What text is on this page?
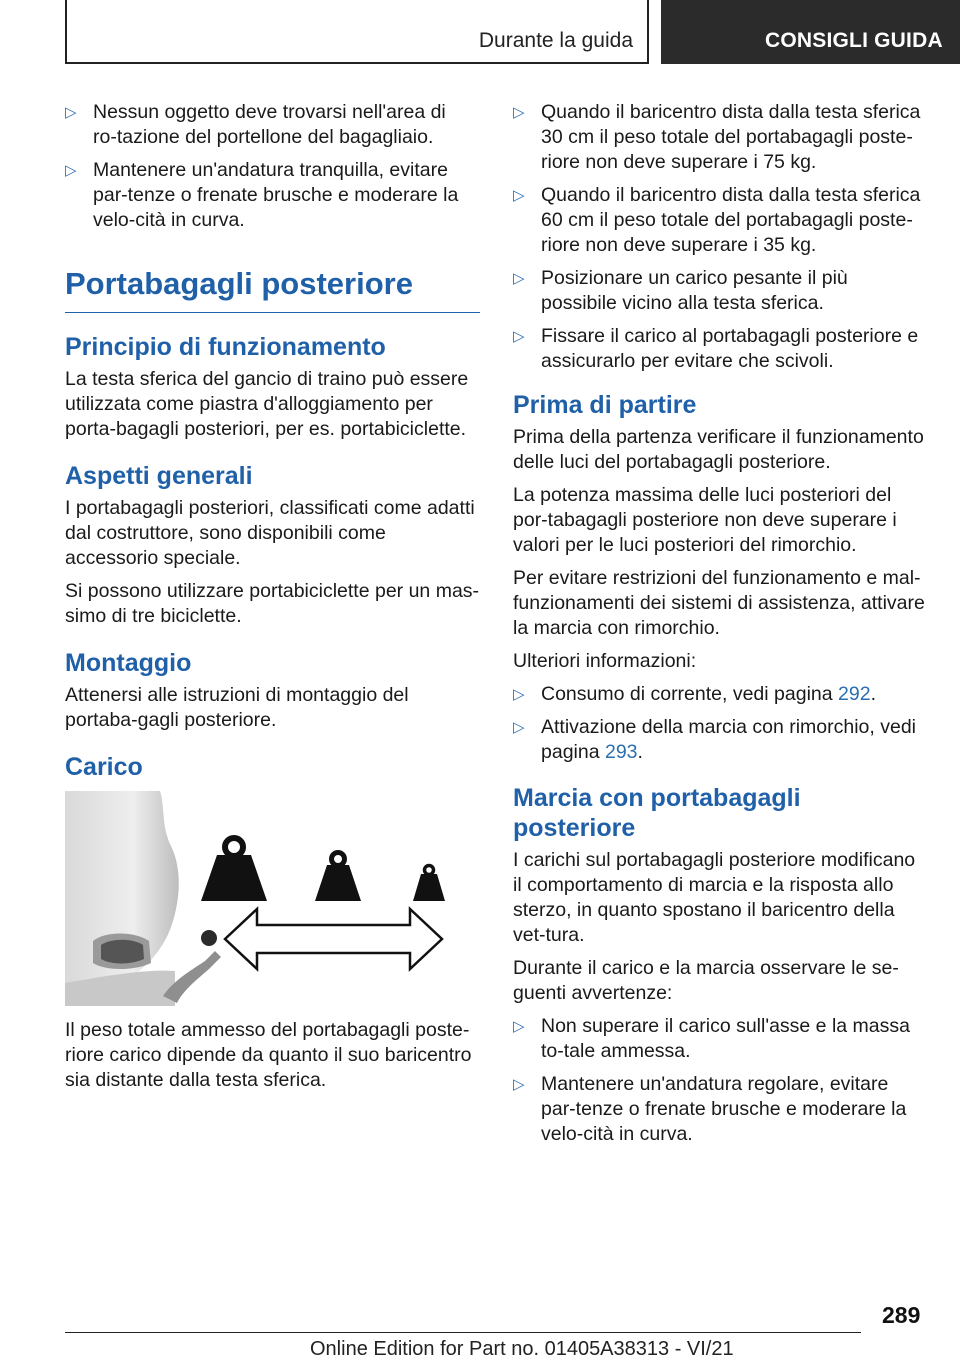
Durante la guida	CONSIGLI GUIDA
▷ Nessun oggetto deve trovarsi nell'area di ro-tazione del portellone del bagagliaio.
▷ Mantenere un'andatura tranquilla, evitare par-tenze o frenate brusche e moderare la velo-cità in curva.
Portabagagli posteriore
Principio di funzionamento

La testa sferica del gancio di traino può essere utilizzata come piastra d'alloggiamento per porta-bagagli posteriori, per es. portabiciclette.

Aspetti generali

I portabagagli posteriori, classificati come adatti dal costruttore, sono disponibili come accessorio speciale.

Si possono utilizzare portabiciclette per un mas-simo di tre biciclette.

Montaggio

Attenersi alle istruzioni di montaggio del portaba-gagli posteriore.

Carico

Il peso totale ammesso del portabagagli poste-riore carico dipende da quanto il suo baricentro sia distante dalla testa sferica.

▷ Quando il baricentro dista dalla testa sferica 30 cm il peso totale del portabagagli poste-riore non deve superare i 75 kg.
▷ Quando il baricentro dista dalla testa sferica 60 cm il peso totale del portabagagli poste-riore non deve superare i 35 kg.
▷ Posizionare un carico pesante il più possibile vicino alla testa sferica.
▷ Fissare il carico al portabagagli posteriore e assicurarlo per evitare che scivoli.
Prima di partire

Prima della partenza verificare il funzionamento delle luci del portabagagli posteriore.

La potenza massima delle luci posteriori del por-tabagagli posteriore non deve superare i valori per le luci posteriori del rimorchio.

Per evitare restrizioni del funzionamento e mal-funzionamenti dei sistemi di assistenza, attivare la marcia con rimorchio.

Ulteriori informazioni:

▷ Consumo di corrente, vedi pagina 292.
▷ Attivazione della marcia con rimorchio, vedi pagina 293.
Marcia con portabagagli posteriore

I carichi sul portabagagli posteriore modificano il comportamento di marcia e la risposta allo sterzo, in quanto spostano il baricentro della vet-tura.

Durante il carico e la marcia osservare le se-guenti avvertenze:

▷ Non superare il carico sull'asse e la massa to-tale ammessa.
▷ Mantenere un'andatura regolare, evitare par-tenze o frenate brusche e moderare la velo-cità in curva.
289
Online Edition for Part no. 01405A38313 - VI/21
